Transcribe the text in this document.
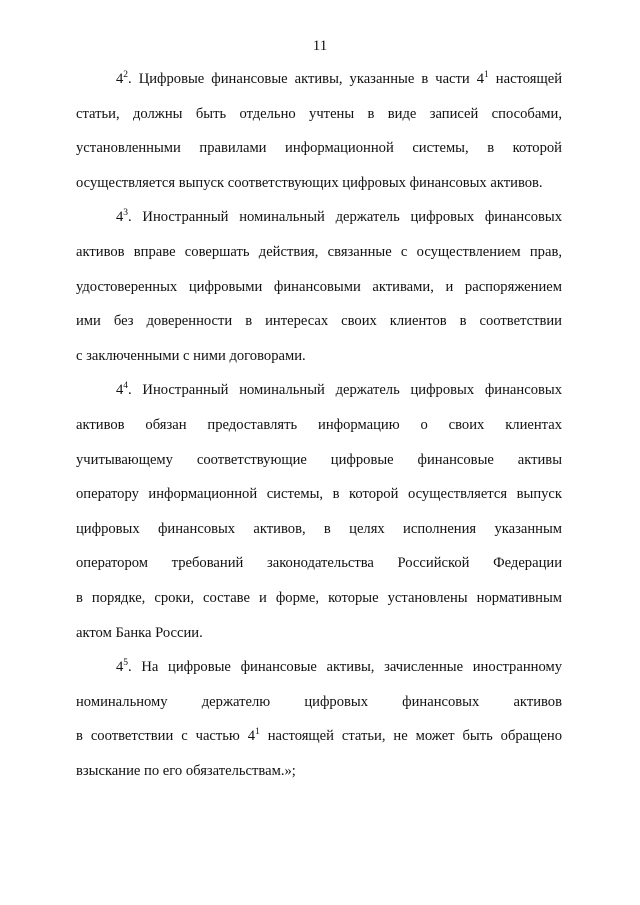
11
$4^2$. Цифровые финансовые активы, указанные в части $4^1$ настоящей
статьи, должны быть отдельно учтены в виде записей способами,
установленными правилами информационной системы, в которой
осуществляется выпуск соответствующих цифровых финансовых активов.
$4^3$. Иностранный номинальный держатель цифровых финансовых
активов вправе совершать действия, связанные с осуществлением прав,
удостоверенных цифровыми финансовыми активами, и распоряжением
ими без доверенности в интересах своих клиентов в соответствии
с заключенными с ними договорами.
$4^4$. Иностранный номинальный держатель цифровых финансовых
активов обязан предоставлять информацию о своих клиентах
учитывающему соответствующие цифровые финансовые активы
оператору информационной системы, в которой осуществляется выпуск
цифровых финансовых активов, в целях исполнения указанным
оператором требований законодательства Российской Федерации
в порядке, сроки, составе и форме, которые установлены нормативным
актом Банка России.
$4^5$. На цифровые финансовые активы, зачисленные иностранному
номинальному держателю цифровых финансовых активов
в соответствии с частью $4^1$ настоящей статьи, не может быть обращено
взыскание по его обязательствам.»;
